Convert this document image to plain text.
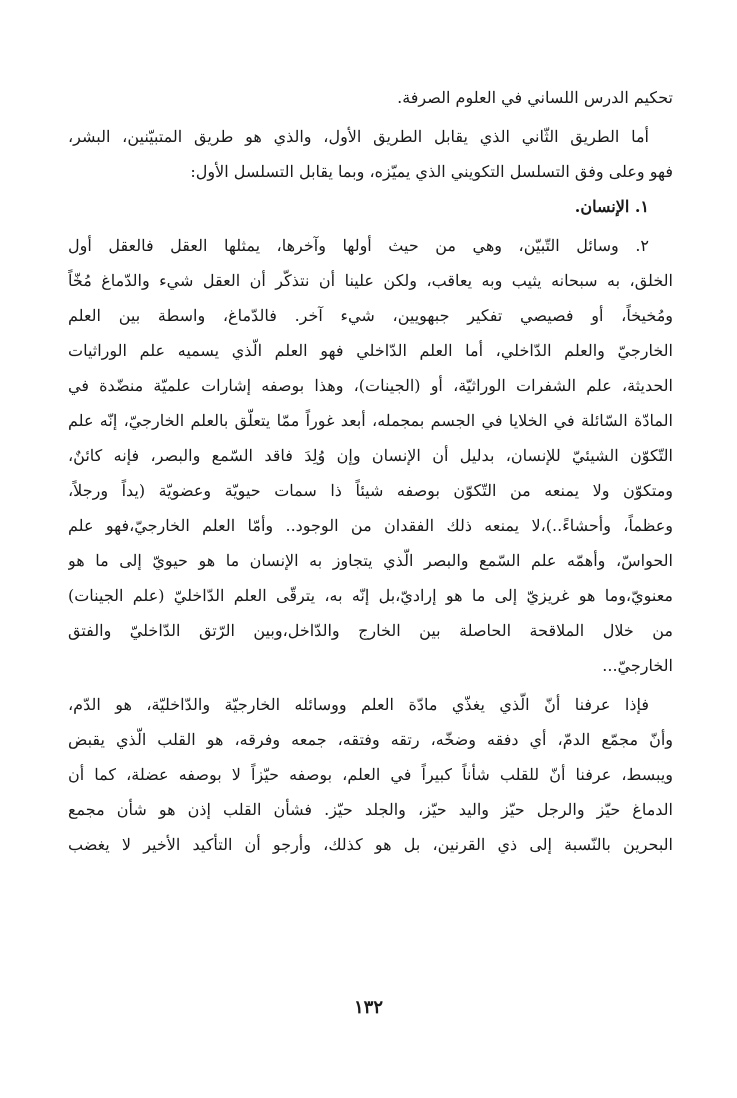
تحكيم الدرس اللساني في العلوم الصرفة.
أما الطريق الثّاني الذي يقابل الطريق الأول، والذي هو طريق المتبيّنين، البشر،
فهو وعلى وفق التسلسل التكويني الذي يميّزه، وبما يقابل التسلسل الأول:
١. الإنسان.
٢. وسائل التّبيّن، وهي من حيث أولها وآخرها، يمثلها العقل فالعقل أول
الخلق، به سبحانه يثيب وبه يعاقب، ولكن علينا أن نتذكّر أن العقل شيء والدّماغ مُخّاً
ومُخيخاً، أو فصيصي تفكير جبهويين، شيء آخر. فالدّماغ، واسطة بين العلم
الخارجيّ والعلم الدّاخلي، أما العلم الدّاخلي فهو العلم الّذي يسميه علم الوراثيات
الحديثة، علم الشفرات الوراثيّة، أو (الجينات)، وهذا بوصفه إشارات علميّة منضّدة في
المادّة السّائلة في الخلايا في الجسم بمجمله، أبعد غوراً ممّا يتعلّق بالعلم الخارجيّ، إنّه علم
التّكوّن الشيئيّ للإنسان، بدليل أن الإنسان وإن وُلِدَ فاقد السّمع والبصر، فإنه كائنٌ،
ومتكوّن ولا يمنعه من التّكوّن بوصفه شيئاً ذا سمات حيويّة وعضويّة (يداً ورجلاً،
وعظماً، وأحشاءً..)،لا يمنعه ذلك الفقدان من الوجود.. وأمّا العلم الخارجيّ،فهو علم
الحواسّ، وأهمّه علم السّمع والبصر الّذي يتجاوز به الإنسان ما هو حيويّ إلى ما هو
معنويّ،وما هو غريزيّ إلى ما هو إراديّ،بل إنّه به، يترقّى العلم الدّاخليّ (علم الجينات)
من خلال الملاقحة الحاصلة بين الخارج والدّاخل،وبين الرّتق الدّاخليّ والفتق
الخارجيّ...
فإذا عرفنا أنّ الّذي يغذّي مادّة العلم ووسائله الخارجيّة والدّاخليّة، هو الدّم،
وأنّ مجمّع الدمّ، أي دفقه وضخّه، رتقه وفتقه، جمعه وفرقه، هو القلب الّذي يقبض
ويبسط، عرفنا أنّ للقلب شأناً كبيراً في العلم، بوصفه حيّزاً لا بوصفه عضلة، كما أن
الدماغ حيّز والرجل حيّز واليد حيّز، والجلد حيّز. فشأن القلب إذن هو شأن مجمع
البحرين بالنّسبة إلى ذي القرنين، بل هو كذلك، وأرجو أن التأكيد الأخير لا يغضب
١٣٢
